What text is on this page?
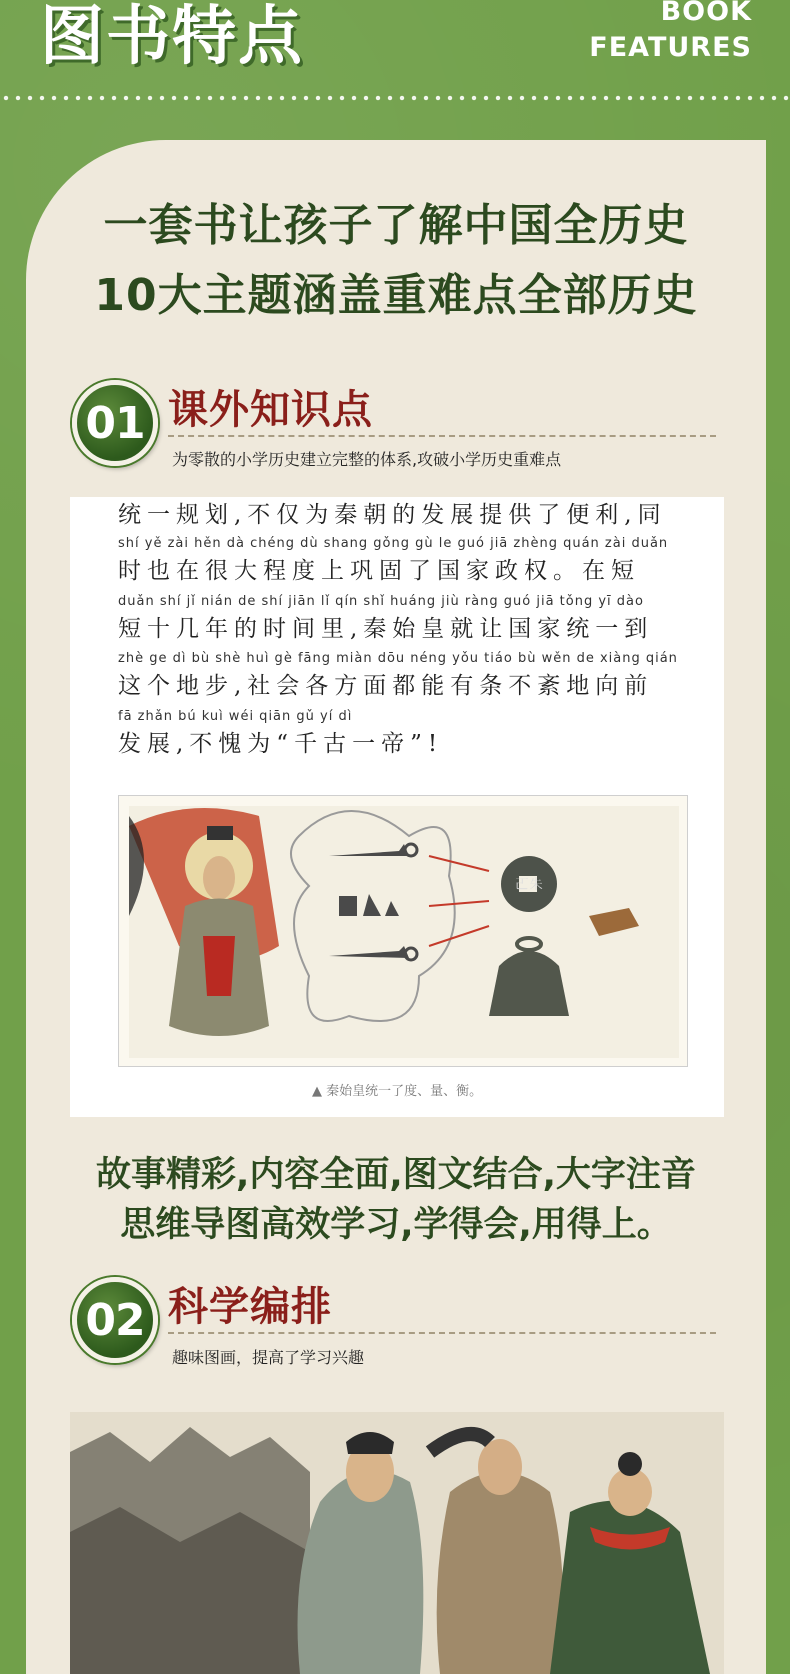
图书特点	BOOK
FEATURES
一套书让孩子了解中国全历史
10大主题涵盖重难点全部历史
01 课外知识点
为零散的小学历史建立完整的体系,攻破小学历史重难点
统一规划,不仅为秦朝的发展提供了便利,同
shí yě zài hěn dà chéng dù shang gǒng gù le guó jiā zhèng quán zài duǎn
时也在很大程度上巩固了国家政权。在短
duǎn shí jǐ nián de shí jiān lǐ qín shǐ huáng jiù ràng guó jiā tǒng yī dào
短十几年的时间里,秦始皇就让国家统一到
zhè ge dì bù shè huì gè fāng miàn dōu néng yǒu tiáo bù wěn de xiàng qián
这个地步,社会各方面都能有条不紊地向前
fā zhǎn bú kuì wéi qiān gǔ yí dì
发展,不愧为“千古一帝”!
𠀀朱
▲ 秦始皇统一了度、量、衡。
故事精彩,内容全面,图文结合,大字注音
思维导图高效学习,学得会,用得上。
02 科学编排
趣味图画，提高了学习兴趣
